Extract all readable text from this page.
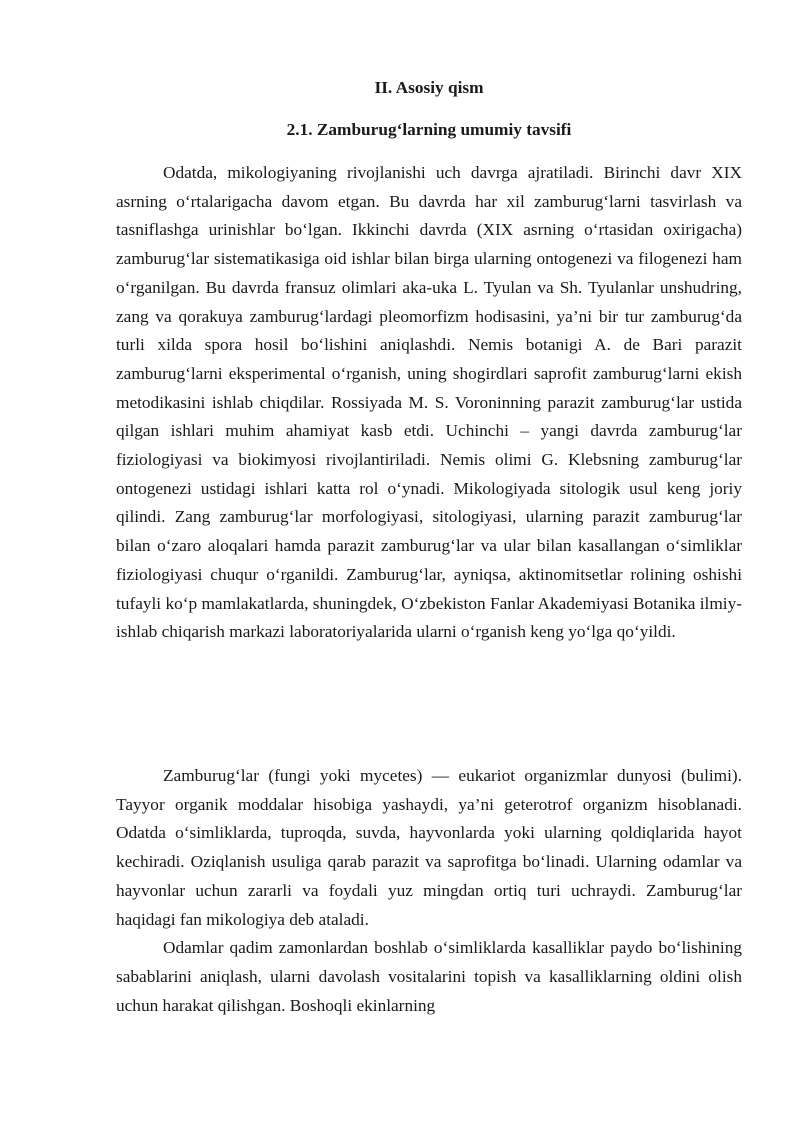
II. Asosiy qism
2.1. Zamburug‘larning umumiy tavsifi

Odatda, mikologiyaning rivojlanishi uch davrga ajratiladi. Birinchi davr XIX asrning o‘rtalarigacha davom etgan. Bu davrda har xil zamburug‘larni tasvirlash va tasniflashga urinishlar bo‘lgan. Ikkinchi davrda (XIX asrning o‘rtasidan oxirigacha) zamburug‘lar sistematikasiga oid ishlar bilan birga ularning ontogenezi va filogenezi ham o‘rganilgan. Bu davrda fransuz olimlari aka-uka L. Tyulan va Sh. Tyulanlar unshudring, zang va qorakuya zamburug‘lardagi pleomorfizm hodisasini, ya’ni bir tur zamburug‘da turli xilda spora hosil bo‘lishini aniqlashdi. Nemis botanigi A. de Bari parazit zamburug‘larni eksperimental o‘rganish, uning shogirdlari saprofit zamburug‘larni ekish metodikasini ishlab chiqdilar. Rossiyada M. S. Voroninning parazit zamburug‘lar ustida qilgan ishlari muhim ahamiyat kasb etdi. Uchinchi – yangi davrda zamburug‘lar fiziologiyasi va biokimyosi rivojlantiriladi. Nemis olimi G. Klebsning zamburug‘lar ontogenezi ustidagi ishlari katta rol o‘ynadi. Mikologiyada sitologik usul keng joriy qilindi. Zang zamburug‘lar morfologiyasi, sitologiyasi, ularning parazit zamburug‘lar bilan o‘zaro aloqalari hamda parazit zamburug‘lar va ular bilan kasallangan o‘simliklar fiziologiyasi chuqur o‘rganildi. Zamburug‘lar, ayniqsa, aktinomitsetlar rolining oshishi tufayli ko‘p mamlakatlarda, shuningdek, O‘zbekiston Fanlar Akademiyasi Botanika ilmiy-ishlab chiqarish markazi laboratoriyalarida ularni o‘rganish keng yo‘lga qo‘yildi.

Zamburug‘lar (fungi yoki mycetes) — eukariot organizmlar dunyosi (bulimi). Tayyor organik moddalar hisobiga yashaydi, ya’ni geterotrof organizm hisoblanadi. Odatda o‘simliklarda, tuproqda, suvda, hayvonlarda yoki ularning qoldiqlarida hayot kechiradi. Oziqlanish usuliga qarab parazit va saprofitga bo‘linadi. Ularning odamlar va hayvonlar uchun zararli va foydali yuz mingdan ortiq turi uchraydi. Zamburug‘lar haqidagi fan mikologiya deb ataladi.

Odamlar qadim zamonlardan boshlab o‘simliklarda kasalliklar paydo bo‘lishining sabablarini aniqlash, ularni davolash vositalarini topish va kasalliklarning oldini olish uchun harakat qilishgan. Boshoqli ekinlarning
